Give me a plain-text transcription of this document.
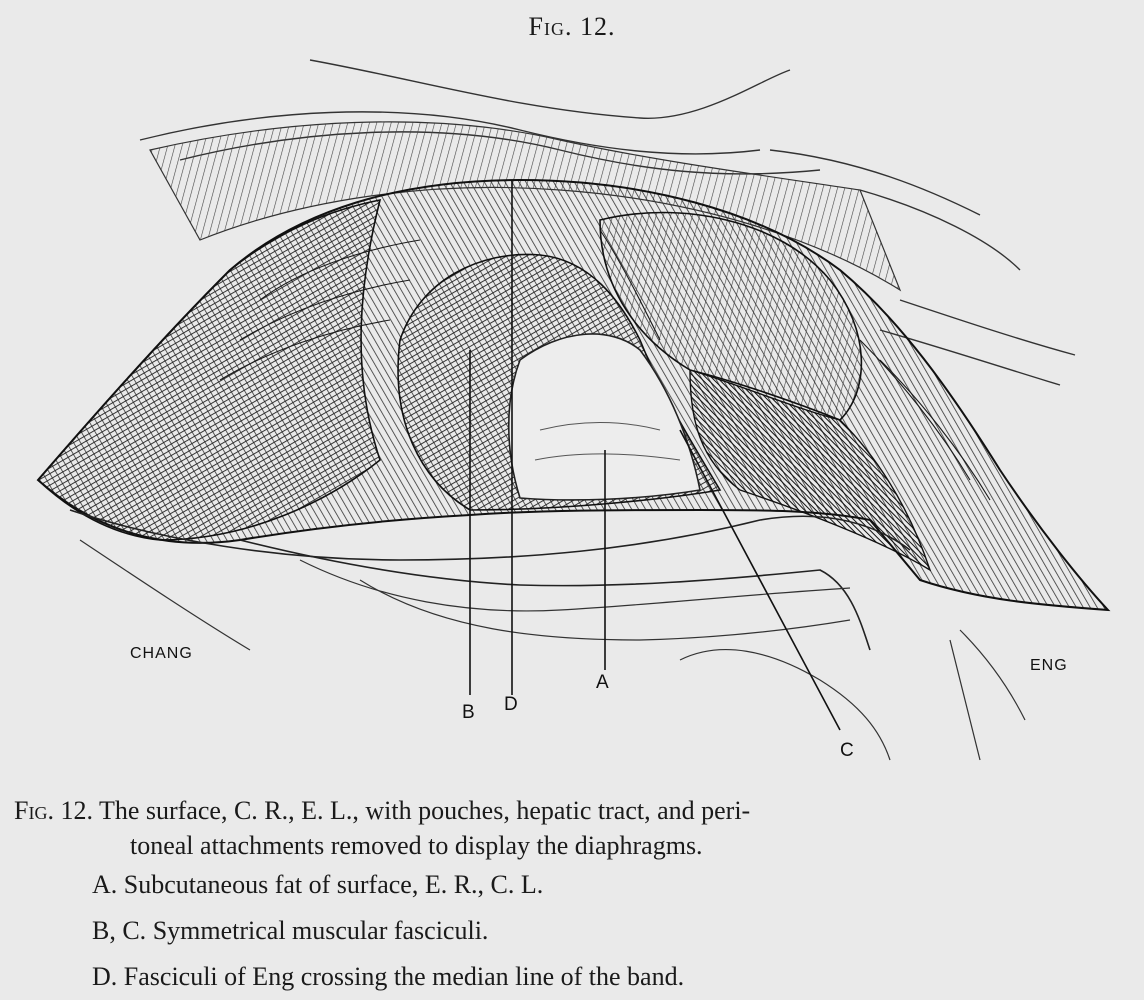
Fig. 12.
CHANG
ENG
B D
A
C
Fig. 12. The surface, C. R., E. L., with pouches, hepatic tract, and peri-
toneal attachments removed to display the diaphragms.
A. Subcutaneous fat of surface, E. R., C. L.
B, C. Symmetrical muscular fasciculi.
D. Fasciculi of Eng crossing the median line of the band.
